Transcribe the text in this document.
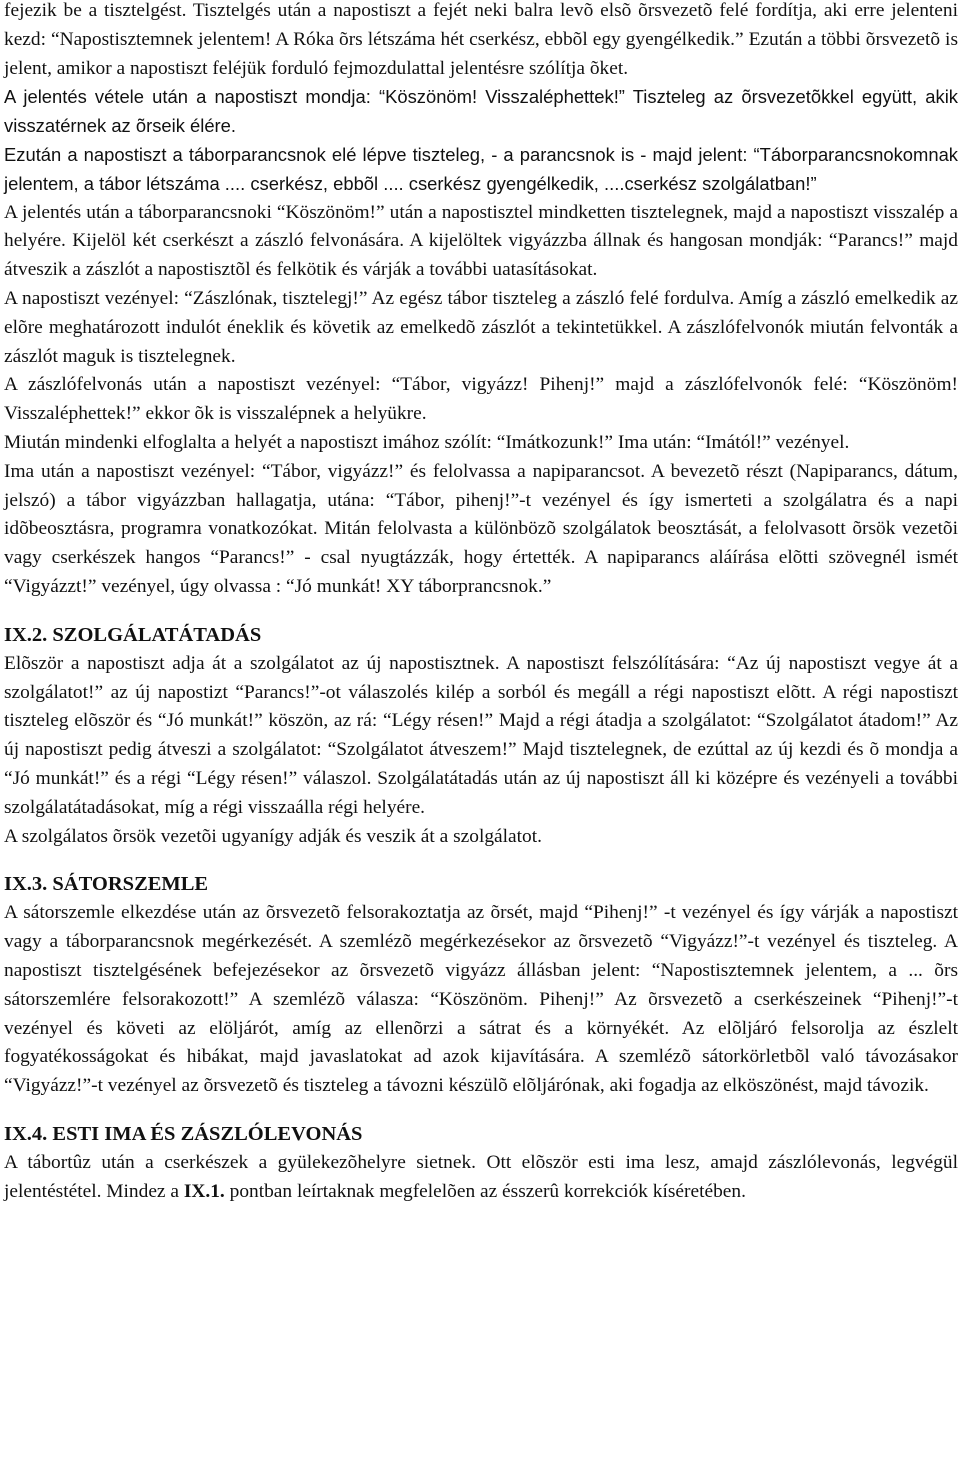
fejezik be a tisztelgést. Tisztelgés után a napostiszt a fejét neki balra levõ elsõ õrsvezetõ felé fordítja, aki erre jelenteni kezd: “Napostisztemnek jelentem! A Róka õrs létszáma hét cserkész, ebbõl egy gyengélkedik.” Ezután a többi õrsvezetõ is jelent, amikor a napostiszt feléjük forduló fejmozdulattal jelentésre szólítja õket.

A jelentés vétele után a napostiszt mondja: “Köszönöm! Visszaléphettek!” Tiszteleg az õrsvezetõkkel együtt, akik visszatérnek az õrseik élére.

Ezután a napostiszt a táborparancsnok elé lépve tiszteleg, - a parancsnok is - majd jelent: “Táborparancsnokomnak jelentem, a tábor létszáma .... cserkész, ebbõl .... cserkész gyengélkedik, ....cserkész szolgálatban!”

A jelentés után a táborparancsnoki “Köszönöm!” után a napostisztel mindketten tisztelegnek, majd a napostiszt visszalép a helyére. Kijelöl két cserkészt a zászló felvonására. A kijelöltek vigyázzba állnak és hangosan mondják: “Parancs!” majd átveszik a zászlót a napostisztõl és felkötik és várják a további uatasításokat.

A napostiszt vezényel: “Zászlónak, tisztelegj!” Az egész tábor tiszteleg a zászló felé fordulva. Amíg a zászló emelkedik az elõre meghatározott indulót éneklik és követik az emelkedõ zászlót a tekintetükkel. A zászlófelvonók miután felvonták a zászlót maguk is tisztelegnek.

A zászlófelvonás után a napostiszt vezényel: “Tábor, vigyázz! Pihenj!” majd a zászlófelvonók felé: “Köszönöm! Visszaléphettek!” ekkor õk is visszalépnek a helyükre.

Miután mindenki elfoglalta a helyét a napostiszt imához szólít: “Imátkozunk!” Ima után: “Imától!” vezényel.

Ima után a napostiszt vezényel: “Tábor, vigyázz!” és felolvassa a napiparancsot. A bevezetõ részt (Napiparancs, dátum, jelszó) a tábor vigyázzban hallagatja, utána: “Tábor, pihenj!”-t vezényel és így ismerteti a szolgálatra és a napi idõbeosztásra, programra vonatkozókat. Mitán felolvasta a különbözõ szolgálatok beosztását, a felolvasott õrsök vezetõi vagy cserkészek hangos “Parancs!” - csal nyugtázzák, hogy értették. A napiparancs aláírása elõtti szövegnél ismét “Vigyázzt!” vezényel, úgy olvassa : “Jó munkát! XY táborprancsnok.”

IX.2. SZOLGÁLATÁTADÁS

Elõször a napostiszt adja át a szolgálatot az új napostisztnek. A napostiszt felszólítására: “Az új napostiszt vegye át a szolgálatot!” az új napostizt “Parancs!”-ot válaszolés kilép a sorból és megáll a régi napostiszt elõtt. A régi napostiszt tiszteleg elõször és “Jó munkát!” köszön, az rá: “Légy résen!” Majd a régi átadja a szolgálatot: “Szolgálatot átadom!” Az új napostiszt pedig átveszi a szolgálatot: “Szolgálatot átveszem!” Majd tisztelegnek, de ezúttal az új kezdi és õ mondja a “Jó munkát!” és a régi “Légy résen!” válaszol. Szolgálatátadás után az új napostiszt áll ki középre és vezényeli a további szolgálatátadásokat, míg a régi visszaálla régi helyére.

A szolgálatos õrsök vezetõi ugyanígy adják és veszik át a szolgálatot.

IX.3. SÁTORSZEMLE

A sátorszemle elkezdése után az õrsvezetõ felsorakoztatja az õrsét, majd “Pihenj!” -t vezényel és így várják a napostiszt vagy a táborparancsnok megérkezését. A szemlézõ megérkezésekor az õrsvezetõ “Vigyázz!”-t vezényel és tiszteleg. A napostiszt tisztelgésének befejezésekor az õrsvezetõ vigyázz állásban jelent: “Napostisztemnek jelentem, a ... õrs sátorszemlére felsorakozott!” A szemlézõ válasza: “Köszönöm. Pihenj!” Az õrsvezetõ a cserkészeinek “Pihenj!”-t vezényel és követi az elöljárót, amíg az ellenõrzi a sátrat és a környékét. Az elõljáró felsorolja az észlelt fogyatékosságokat és hibákat, majd javaslatokat ad azok kijavítására. A szemlézõ sátorkörletbõl való távozásakor “Vigyázz!”-t vezényel az õrsvezetõ és tiszteleg a távozni készülõ elõljárónak, aki fogadja az elköszönést, majd távozik.

IX.4. ESTI IMA ÉS ZÁSZLÓLEVONÁS

A tábortûz után a cserkészek a gyülekezõhelyre sietnek. Ott elõször esti ima lesz, amajd zászlólevonás, legvégül jelentéstétel. Mindez a IX.1. pontban leírtaknak megfelelõen az ésszerû korrekciók kíséretében.
